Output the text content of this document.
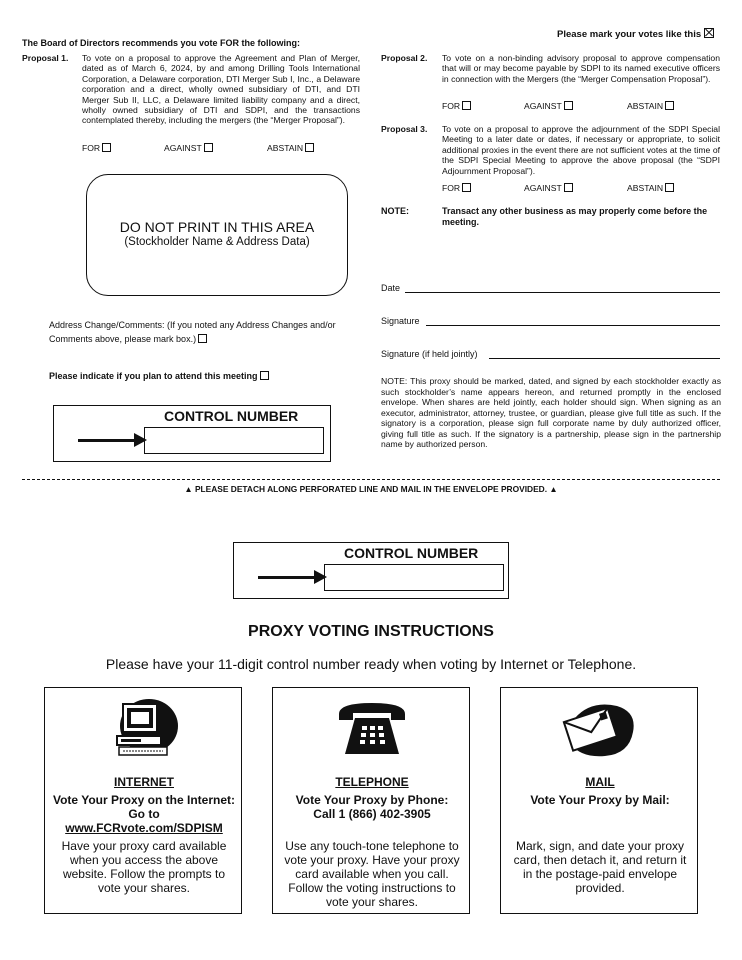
Please mark your votes like this
The Board of Directors recommends you vote FOR the following:
Proposal 1. To vote on a proposal to approve the Agreement and Plan of Merger, dated as of March 6, 2024, by and among Drilling Tools International Corporation, a Delaware corporation, DTI Merger Sub I, Inc., a Delaware corporation and a direct, wholly owned subsidiary of DTI, and DTI Merger Sub II, LLC, a Delaware limited liability company and a direct, wholly owned subsidiary of DTI and SDPI, and the transactions contemplated thereby, including the mergers (the “Merger Proposal”).
FOR	AGAINST	ABSTAIN
DO NOT PRINT IN THIS AREA
(Stockholder Name & Address Data)
Address Change/Comments: (If you noted any Address Changes and/or Comments above, please mark box.)
Please indicate if you plan to attend this meeting
CONTROL NUMBER
Proposal 2. To vote on a non-binding advisory proposal to approve compensation that will or may become payable by SDPI to its named executive officers in connection with the Mergers (the “Merger Compensation Proposal”).
FOR	AGAINST	ABSTAIN
Proposal 3. To vote on a proposal to approve the adjournment of the SDPI Special Meeting to a later date or dates, if necessary or appropriate, to solicit additional proxies in the event there are not sufficient votes at the time of the SDPI Special Meeting to approve the above proposal (the “SDPI Adjournment Proposal”).
FOR	AGAINST	ABSTAIN
NOTE:	Transact any other business as may properly come before the meeting.
Date
Signature
Signature (if held jointly)
NOTE: This proxy should be marked, dated, and signed by each stockholder exactly as such stockholder’s name appears hereon, and returned promptly in the enclosed envelope. When shares are held jointly, each holder should sign. When signing as an executor, administrator, attorney, trustee, or guardian, please give full title as such. If the signatory is a corporation, please sign full corporate name by duly authorized officer, giving full title as such. If the signatory is a partnership, please sign in the partnership name by authorized person.
▲ PLEASE DETACH ALONG PERFORATED LINE AND MAIL IN THE ENVELOPE PROVIDED. ▲
CONTROL NUMBER
PROXY VOTING INSTRUCTIONS
Please have your 11-digit control number ready when voting by Internet or Telephone.
INTERNET
Vote Your Proxy on the Internet:
Go to
www.FCRvote.com/SDPISM
Have your proxy card available when you access the above website. Follow the prompts to vote your shares.
TELEPHONE
Vote Your Proxy by Phone:
Call 1 (866) 402-3905
Use any touch-tone telephone to vote your proxy. Have your proxy card available when you call. Follow the voting instructions to vote your shares.
MAIL
Vote Your Proxy by Mail:
Mark, sign, and date your proxy card, then detach it, and return it in the postage-paid envelope provided.
